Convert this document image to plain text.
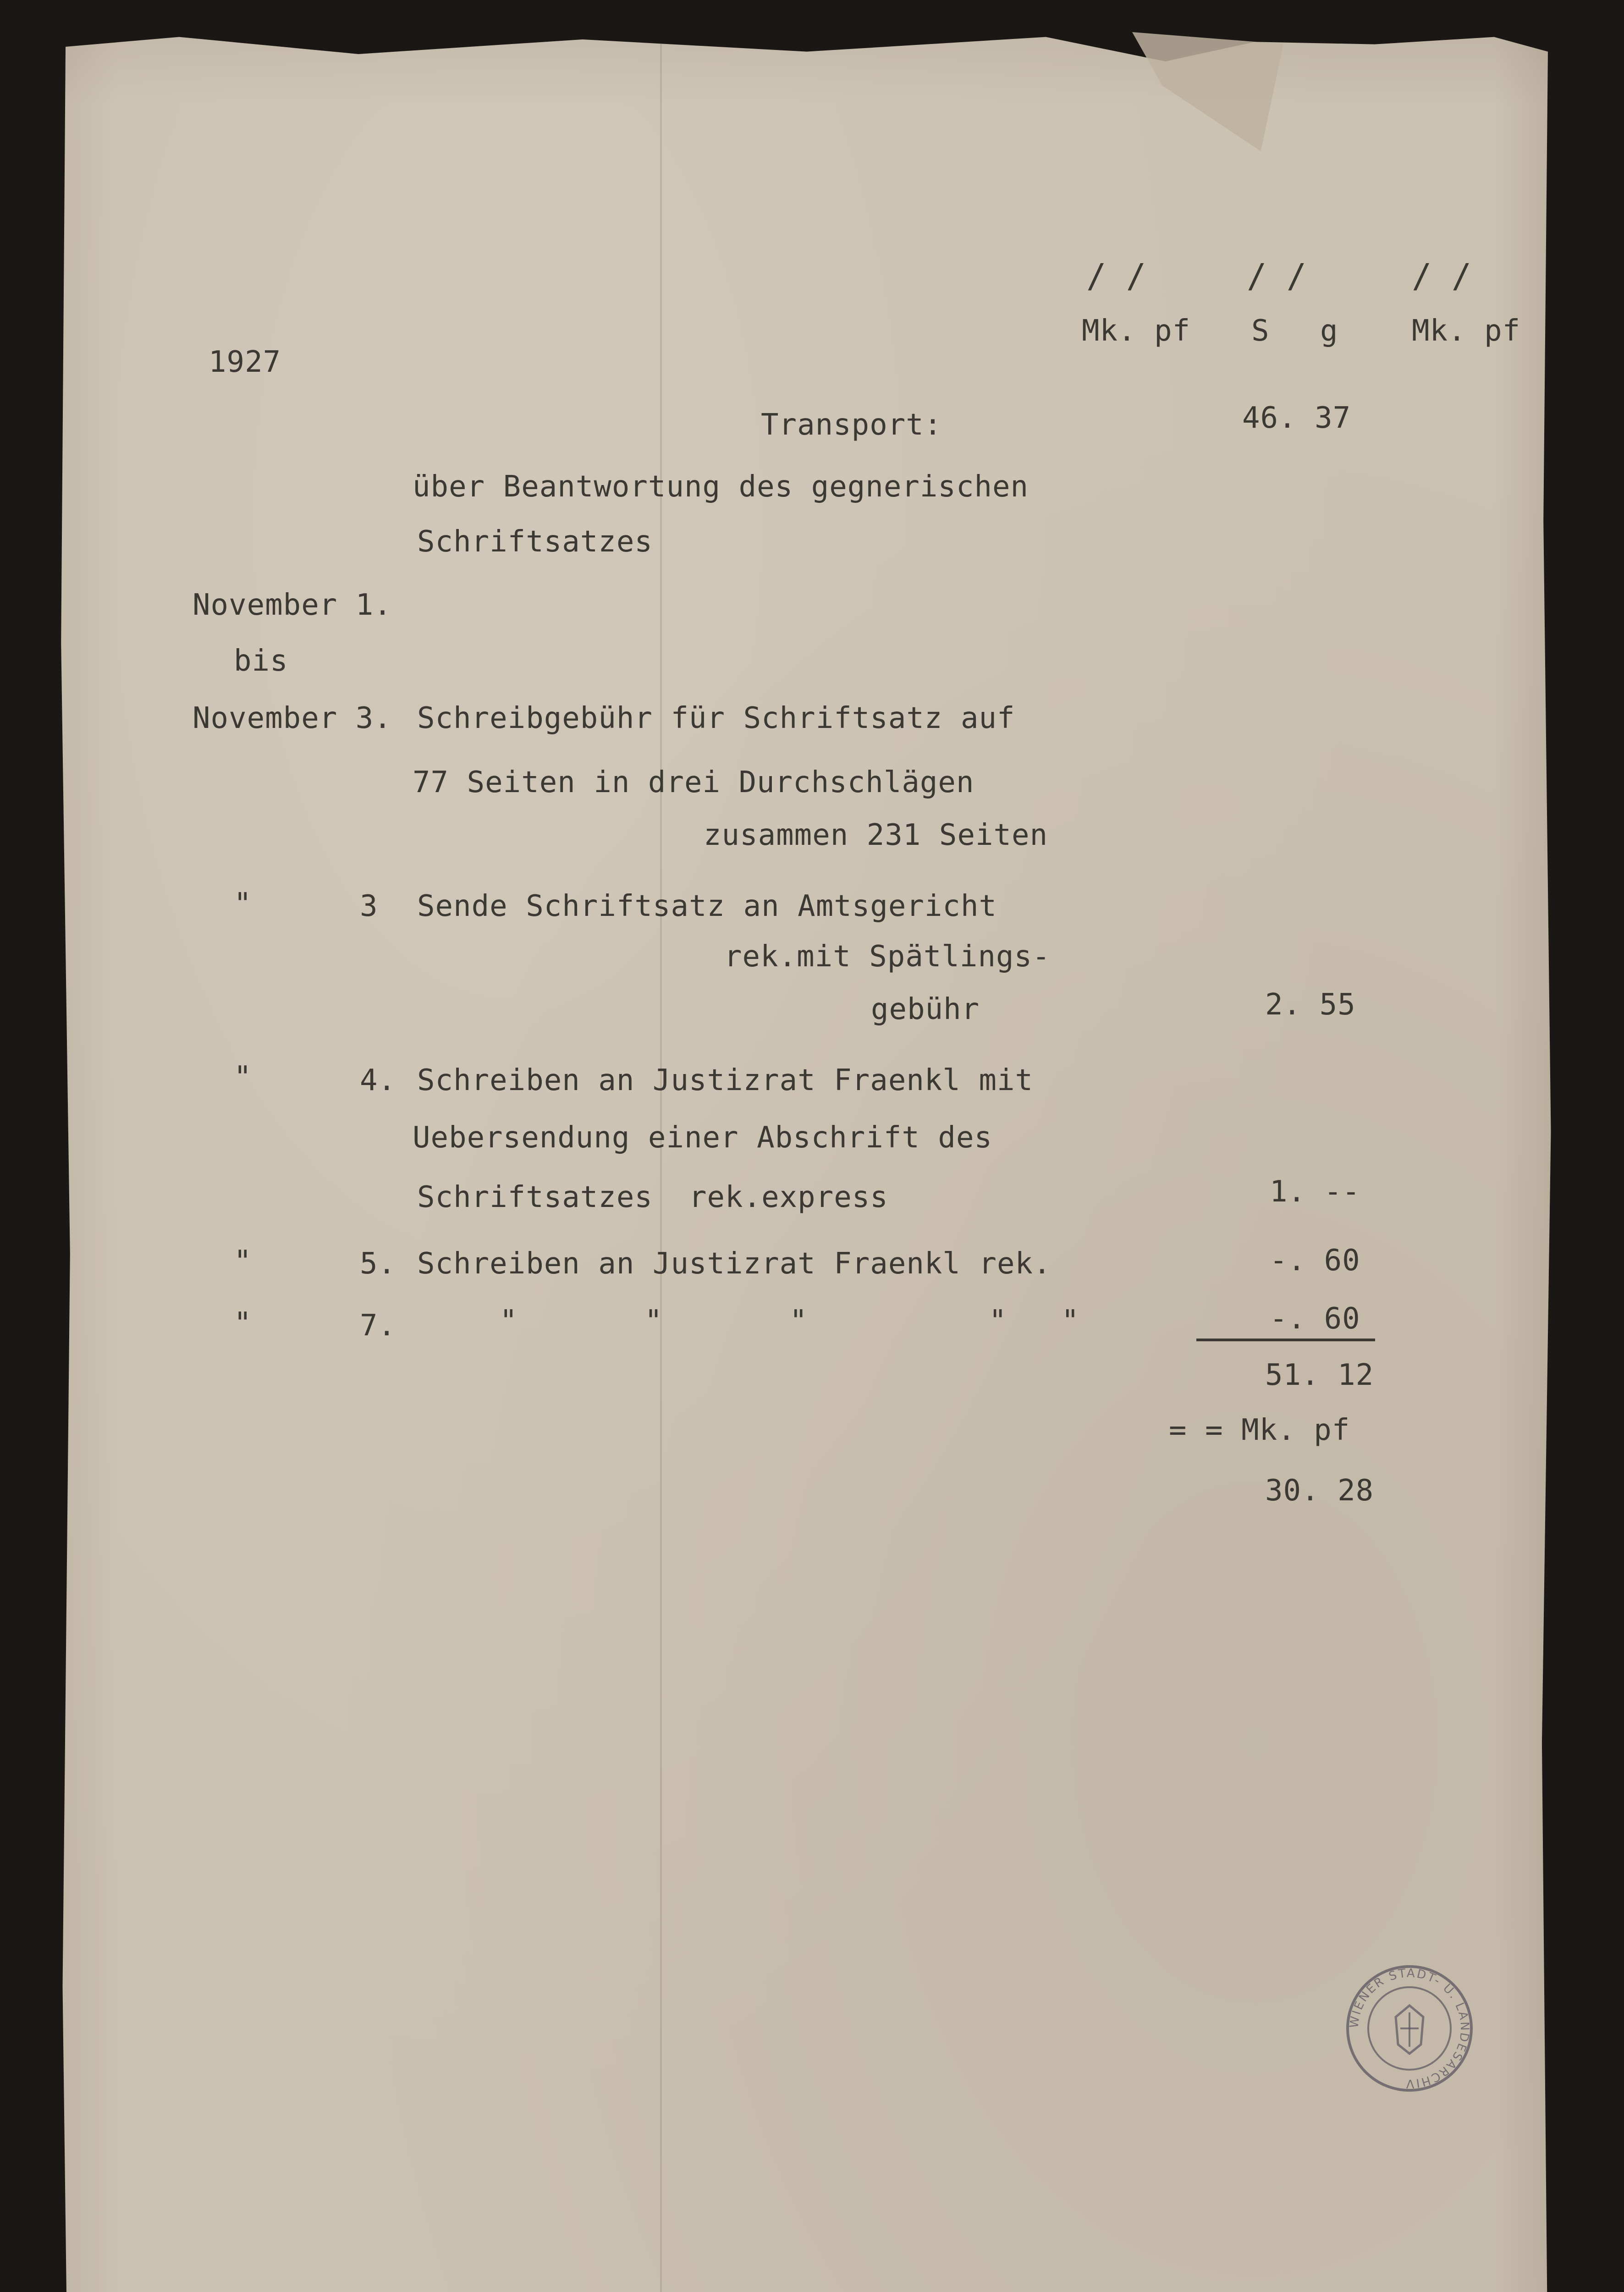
/ /	/ /	/ /
Mk. pf S g	Mk. pf
1927
Transport:	46. 37
über Beantwortung des gegnerischen
Schriftsatzes
November 1.
bis
November 3. Schreibgebühr für Schriftsatz auf
77 Seiten in drei Durchschlägen
zusammen 231 Seiten
"	3 Sende Schriftsatz an Amtsgericht
rek.mit Spätlings-
gebühr	2. 55
"	4. Schreiben an Justizrat Fraenkl mit
Uebersendung einer Abschrift des
Schriftsatzes  rek.express	1. --
"	5. Schreiben an Justizrat Fraenkl rek.	-. 60
"	7.	"       "       "          "   "	-. 60
51. 12
= = Mk. pf
30. 28
WIENER STADT- U. LANDESARCHIV
